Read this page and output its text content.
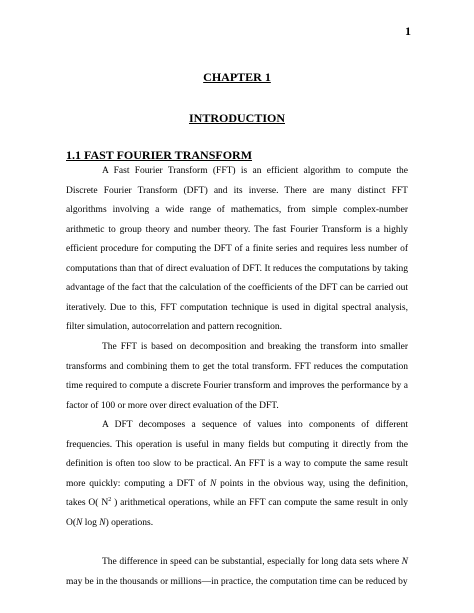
1
CHAPTER 1
INTRODUCTION
1.1 FAST FOURIER TRANSFORM

A Fast Fourier Transform (FFT) is an efficient algorithm to compute the Discrete Fourier Transform (DFT) and its inverse. There are many distinct FFT algorithms involving a wide range of mathematics, from simple complex-number arithmetic to group theory and number theory. The fast Fourier Transform is a highly efficient procedure for computing the DFT of a finite series and requires less number of computations than that of direct evaluation of DFT. It reduces the computations by taking advantage of the fact that the calculation of the coefficients of the DFT can be carried out iteratively. Due to this, FFT computation technique is used in digital spectral analysis, filter simulation, autocorrelation and pattern recognition.

The FFT is based on decomposition and breaking the transform into smaller transforms and combining them to get the total transform. FFT reduces the computation time required to compute a discrete Fourier transform and improves the performance by a factor of 100 or more over direct evaluation of the DFT.

A DFT decomposes a sequence of values into components of different frequencies. This operation is useful in many fields but computing it directly from the definition is often too slow to be practical. An FFT is a way to compute the same result more quickly: computing a DFT of N points in the obvious way, using the definition, takes O( $N^2$ ) arithmetical operations, while an FFT can compute the same result in only O(N log N) operations.

The difference in speed can be substantial, especially for long data sets where N may be in the thousands or millions—in practice, the computation time can be reduced by
